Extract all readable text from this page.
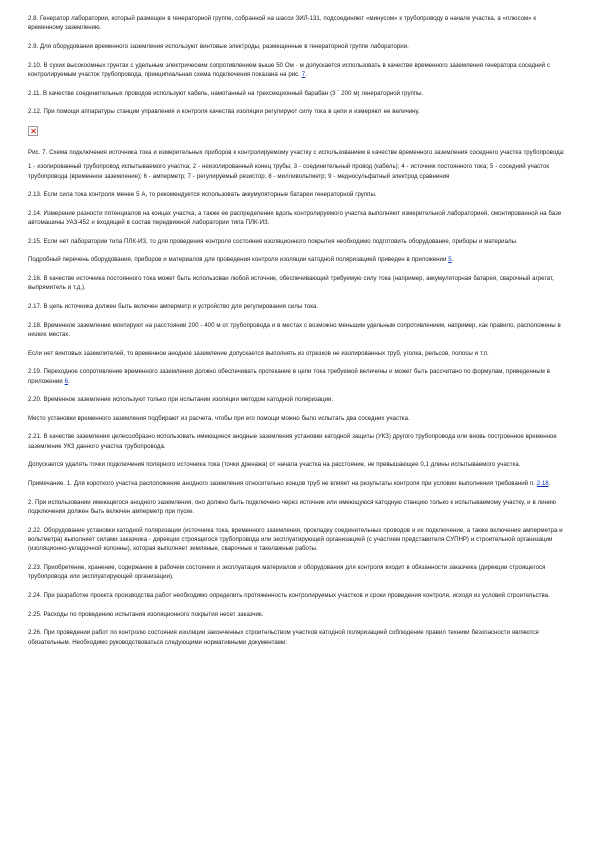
2.8. Генератор лаборатории, который размещен в генераторной группе, собранной на шасси ЗИЛ-131, подсоединяют «минусом» к трубопроводу в начале участка, а «плюсом» к временному заземлению.

2.9. Для оборудования временного заземления используют винтовые электроды, размещенные в генераторной группе лаборатории.

2.10. В сухих высокоомных грунтах с удельным электрическим сопротивлением выше 50 Ом · м допускается использовать в качестве временного заземления генератора соседний с контролируемым участок трубопровода, принципиальная схема подключения показана на рис. 7.

2.11. В качестве соединительных проводов используют кабель, намотанный на трехсекционный барабан (3 ´ 200 м) генераторной группы.

2.12. При помощи аппаратуры станции управления и контроля качества изоляции регулируют силу тока в цепи и измеряют ее величину.

Рис. 7. Схема подключения источника тока и измерительных приборов к контролируемому участку с использованием в качестве временного заземления соседнего участка трубопровода:

1 - изолированный трубопровод испытываемого участка; 2 - неизолированный конец трубы; 3 - соединительный провод (кабель); 4 - источник постоянного тока; 5 - соседний участок трубопровода (временное заземление); 6 - амперметр; 7 - регулируемый резистор; 8 - милливольтметр; 9 - медносульфатный электрод сравнения

2.13. Если сила тока контроля менее 5 А, то рекомендуется использовать аккумуляторные батареи генераторной группы.

2.14. Измерение разности потенциалов на концах участка, а также ее распределение вдоль контролируемого участка выполняют измерительной лабораторией, смонтированной на базе автомашины УАЗ-452 и входящей в состав передвижной лаборатории типа ПЛК-ИЗ.

2.15. Если нет лаборатории типа ПЛК-ИЗ, то для проведения контроля состояния изоляционного покрытия необходимо подготовить оборудование, приборы и материалы.

Подробный перечень оборудования, приборов и материалов для проведения контроля изоляции катодной поляризацией приведен в приложении 5.

2.16. В качестве источника постоянного тока может быть использован любой источник, обеспечивающий требуемую силу тока (например, аккумуляторная батарея, сварочный агрегат, выпрямитель и т.д.).

2.17. В цепь источника должен быть включен амперметр и устройство для регулирования силы тока.

2.18. Временное заземление монтируют на расстоянии 200 - 400 м от трубопровода и в местах с возможно меньшим удельным сопротивлением, например, как правило, расположены в низких местах.

Если нет винтовых заземлителей, то временное анодное заземление допускается выполнять из отрезков не изолированных труб, уголка, рельсов, полосы и т.п.

2.19. Переходное сопротивление временного заземления должно обеспечивать протекание в цепи тока требуемой величины и может быть рассчитано по формулам, приведенным в приложении 6.

2.20. Временное заземление используют только при испытании изоляции методом катодной поляризации.

Место установки временного заземления подбирают из расчета, чтобы при его помощи можно было испытать два соседних участка.

2.21. В качестве заземления целесообразно использовать имеющиеся анодные заземления установки катодной защиты (УКЗ) другого трубопровода или вновь построенное временное заземление УКЗ данного участка трубопровода.

Допускается удалять точки подключения полярного источника тока (точки дренажа) от начала участка на расстояние, не превышающее 0,1 длины испытываемого участка.

Примечание. 1. Для короткого участка расположение анодного заземления относительно концов труб не влияет на результаты контроля при условии выполнения требований п. 2.18.

2. При использовании имеющегося анодного заземления, оно должно быть подключено через источник или имеющуюся катодную станцию только к испытываемому участку, и в линию подключения должен быть включен амперметр при пуске.

2.22. Оборудование установки катодной поляризации (источника тока, временного заземления, прокладку соединительных проводов и их подключение, а также включение амперметра и вольтметра) выполняет силами заказчика - дирекции строящегося трубопровода или эксплуатирующей организацией (с участием представителя СУПНР) и строительной организации (изоляционно-укладочной колонны), которая выполняет земляные, сварочные и такелажные работы.

2.23. Приобретение, хранение, содержание в рабочем состоянии и эксплуатация материалов и оборудования для контроля входит в обязанности заказчика (дирекции строящегося трубопровода или эксплуатирующей организации).

2.24. При разработке проекта производства работ необходимо определить протяженность контролируемых участков и сроки проведения контроля, исходя из условий строительства.

2.25. Расходы по проведению испытания изоляционного покрытия несет заказчик.

2.26. При проведении работ по контролю состояния изоляции законченных строительством участков катодной поляризацией соблюдение правил техники безопасности являются обязательным. Необходимо руководствоваться следующими нормативными документами:
